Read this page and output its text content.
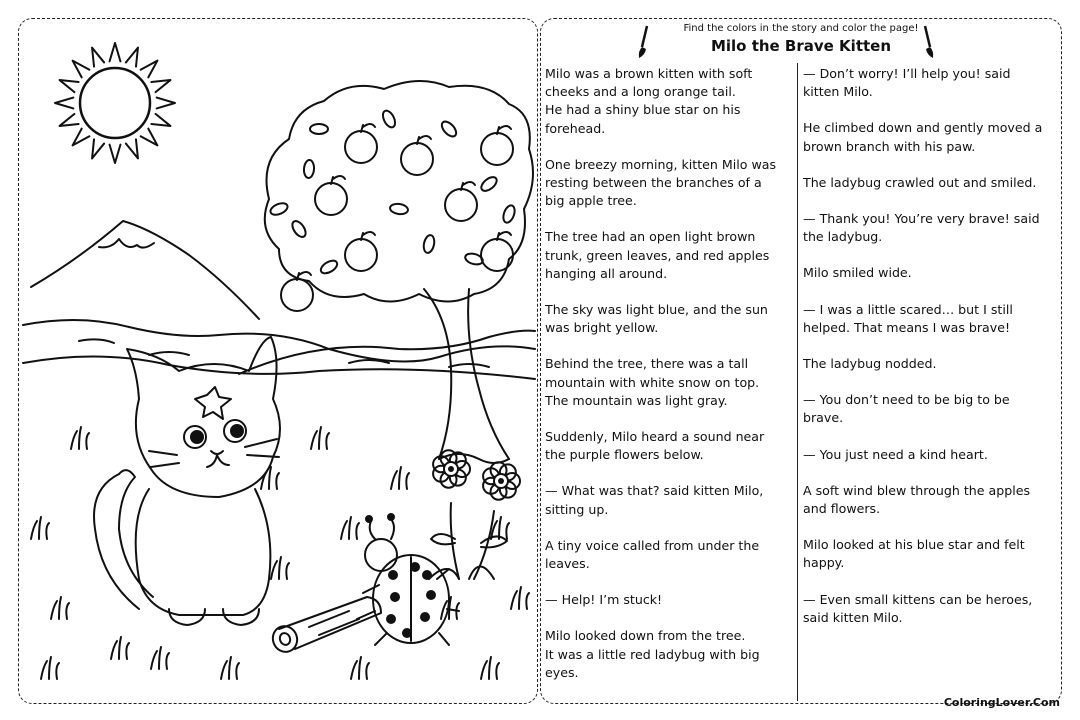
Find the colors in the story and color the page!
Milo the Brave Kitten

Milo was a brown kitten with soft
cheeks and a long orange tail.
He had a shiny blue star on his
forehead.

One breezy morning, kitten Milo was
resting between the branches of a
big apple tree.

The tree had an open light brown
trunk, green leaves, and red apples
hanging all around.

The sky was light blue, and the sun
was bright yellow.

Behind the tree, there was a tall
mountain with white snow on top.
The mountain was light gray.

Suddenly, Milo heard a sound near
the purple flowers below.

— What was that? said kitten Milo,
sitting up.

A tiny voice called from under the
leaves.

— Help! I’m stuck!

Milo looked down from the tree.
It was a little red ladybug with big
eyes.

— Don’t worry! I’ll help you! said
kitten Milo.

He climbed down and gently moved a
brown branch with his paw.

The ladybug crawled out and smiled.

— Thank you! You’re very brave! said
the ladybug.

Milo smiled wide.

— I was a little scared… but I still
helped. That means I was brave!

The ladybug nodded.

— You don’t need to be big to be
brave.

— You just need a kind heart.

A soft wind blew through the apples
and flowers.

Milo looked at his blue star and felt
happy.

— Even small kittens can be heroes,
said kitten Milo.

ColoringLover.Com
